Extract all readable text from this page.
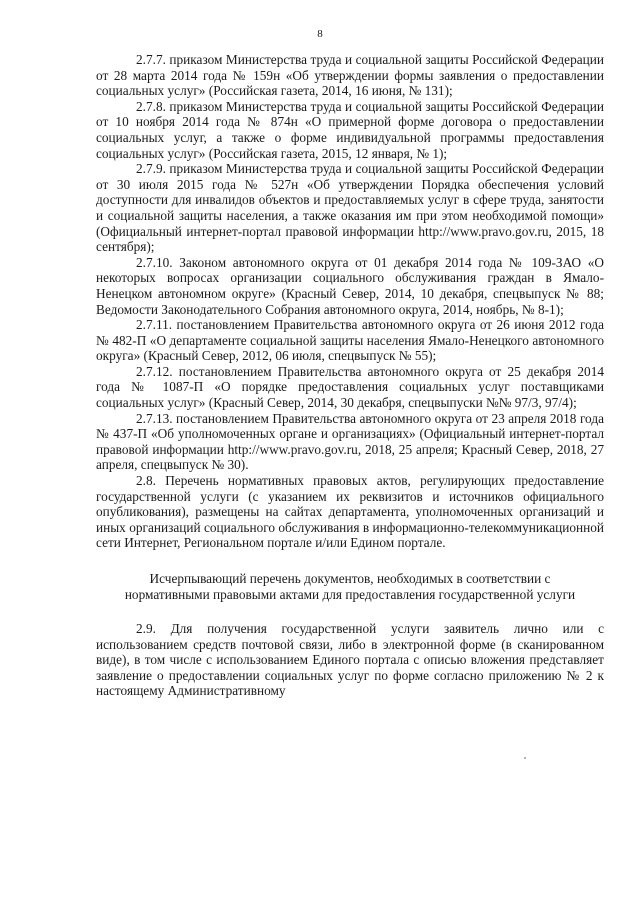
8

2.7.7. приказом Министерства труда и социальной защиты Российской Федерации от 28 марта 2014 года № 159н «Об утверждении формы заявления о предоставлении социальных услуг» (Российская газета, 2014, 16 июня, № 131);

2.7.8. приказом Министерства труда и социальной защиты Российской Федерации от 10 ноября 2014 года № 874н «О примерной форме договора о предоставлении социальных услуг, а также о форме индивидуальной программы предоставления социальных услуг» (Российская газета, 2015, 12 января, № 1);

2.7.9. приказом Министерства труда и социальной защиты Российской Федерации от 30 июля 2015 года № 527н «Об утверждении Порядка обеспечения условий доступности для инвалидов объектов и предоставляемых услуг в сфере труда, занятости и социальной защиты населения, а также оказания им при этом необходимой помощи» (Официальный интернет-портал правовой информации http://www.pravo.gov.ru, 2015, 18 сентября);

2.7.10. Законом автономного округа от 01 декабря 2014 года № 109-ЗАО «О некоторых вопросах организации социального обслуживания граждан в Ямало-Ненецком автономном округе» (Красный Север, 2014, 10 декабря, спецвыпуск № 88; Ведомости Законодательного Собрания автономного округа, 2014, ноябрь, № 8-1);

2.7.11. постановлением Правительства автономного округа от 26 июня 2012 года № 482-П «О департаменте социальной защиты населения Ямало-Ненецкого автономного округа» (Красный Север, 2012, 06 июля, спецвыпуск № 55);

2.7.12. постановлением Правительства автономного округа от 25 декабря 2014 года № 1087-П «О порядке предоставления социальных услуг поставщиками социальных услуг» (Красный Север, 2014, 30 декабря, спецвыпуски №№ 97/3, 97/4);

2.7.13. постановлением Правительства автономного округа от 23 апреля 2018 года № 437-П «Об уполномоченных органе и организациях» (Официальный интернет-портал правовой информации http://www.pravo.gov.ru, 2018, 25 апреля; Красный Север, 2018, 27 апреля, спецвыпуск № 30).

2.8. Перечень нормативных правовых актов, регулирующих предоставление государственной услуги (с указанием их реквизитов и источников официального опубликования), размещены на сайтах департамента, уполномоченных организаций и иных организаций социального обслуживания в информационно-телекоммуникационной сети Интернет, Региональном портале и/или Едином портале.

Исчерпывающий перечень документов, необходимых в соответствии с
нормативными правовыми актами для предоставления государственной услуги

2.9. Для получения государственной услуги заявитель лично или с использованием средств почтовой связи, либо в электронной форме (в сканированном виде), в том числе с использованием Единого портала с описью вложения представляет заявление о предоставлении социальных услуг по форме согласно приложению № 2 к настоящему Административному
